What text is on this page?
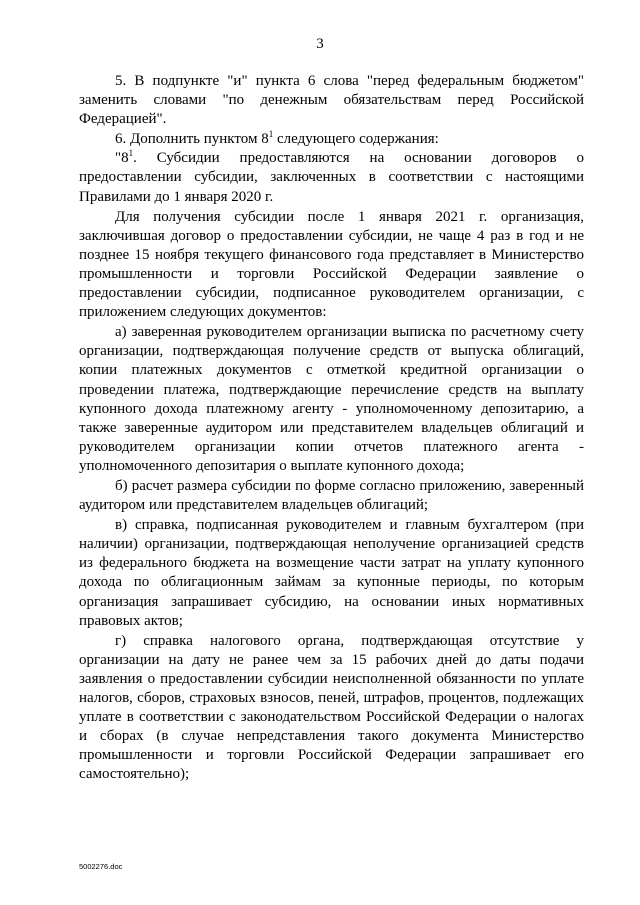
3

5. В подпункте "и" пункта 6 слова "перед федеральным бюджетом" заменить словами "по денежным обязательствам перед Российской Федерацией".

6. Дополнить пунктом $8^1$ следующего содержания:

"$8^1$. Субсидии предоставляются на основании договоров о предоставлении субсидии, заключенных в соответствии с настоящими Правилами до 1 января 2020 г.

Для получения субсидии после 1 января 2021 г. организация, заключившая договор о предоставлении субсидии, не чаще 4 раз в год и не позднее 15 ноября текущего финансового года представляет в Министерство промышленности и торговли Российской Федерации заявление о предоставлении субсидии, подписанное руководителем организации, с приложением следующих документов:

а) заверенная руководителем организации выписка по расчетному счету организации, подтверждающая получение средств от выпуска облигаций, копии платежных документов с отметкой кредитной организации о проведении платежа, подтверждающие перечисление средств на выплату купонного дохода платежному агенту - уполномоченному депозитарию, а также заверенные аудитором или представителем владельцев облигаций и руководителем организации копии отчетов платежного агента - уполномоченного депозитария о выплате купонного дохода;

б) расчет размера субсидии по форме согласно приложению, заверенный аудитором или представителем владельцев облигаций;

в) справка, подписанная руководителем и главным бухгалтером (при наличии) организации, подтверждающая неполучение организацией средств из федерального бюджета на возмещение части затрат на уплату купонного дохода по облигационным займам за купонные периоды, по которым организация запрашивает субсидию, на основании иных нормативных правовых актов;

г) справка налогового органа, подтверждающая отсутствие у организации на дату не ранее чем за 15 рабочих дней до даты подачи заявления о предоставлении субсидии неисполненной обязанности по уплате налогов, сборов, страховых взносов, пеней, штрафов, процентов, подлежащих уплате в соответствии с законодательством Российской Федерации о налогах и сборах (в случае непредставления такого документа Министерство промышленности и торговли Российской Федерации запрашивает его самостоятельно);

5002276.doc
